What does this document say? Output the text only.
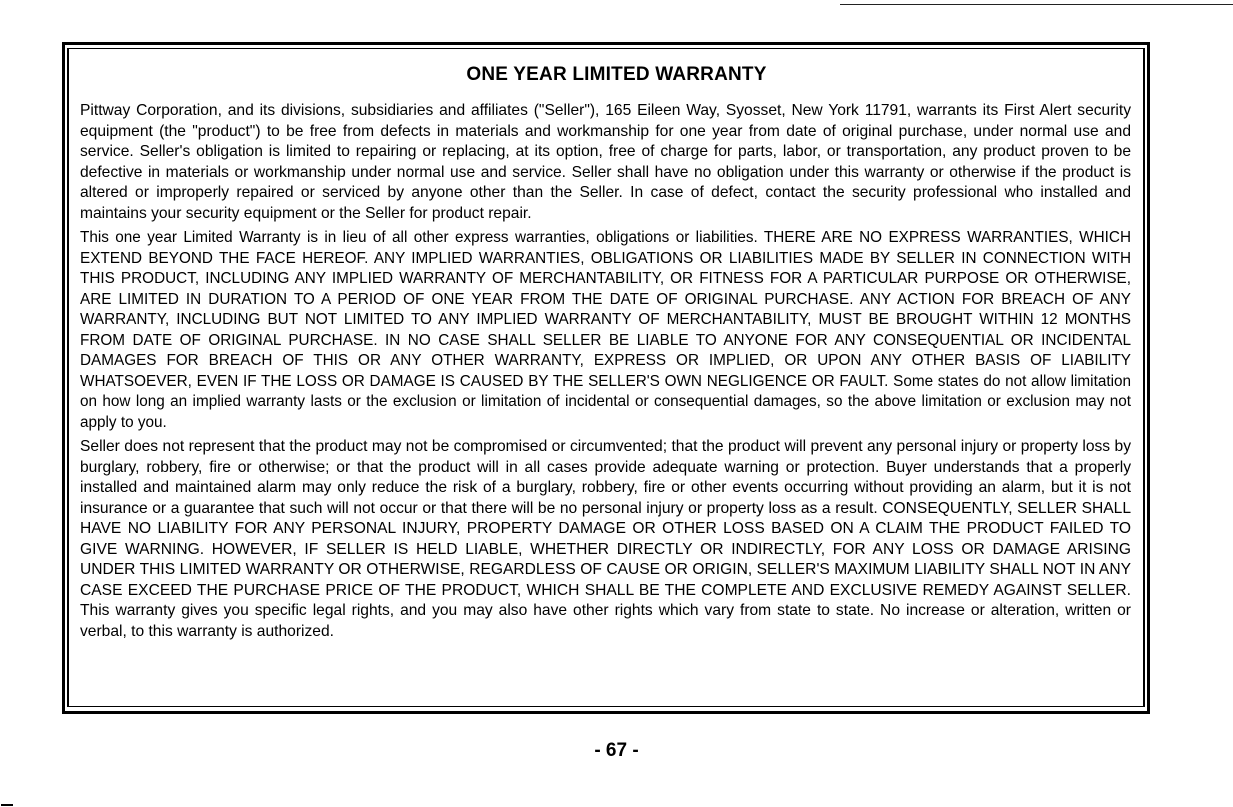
ONE YEAR LIMITED WARRANTY

Pittway Corporation, and its divisions, subsidiaries and affiliates ("Seller"), 165 Eileen Way, Syosset, New York 11791, warrants its First Alert security equipment (the "product") to be free from defects in materials and workmanship for one year from date of original purchase, under normal use and service. Seller's obligation is limited to repairing or replacing, at its option, free of charge for parts, labor, or transportation, any product proven to be defective in materials or workmanship under normal use and service. Seller shall have no obligation under this warranty or otherwise if the product is altered or improperly repaired or serviced by anyone other than the Seller. In case of defect, contact the security professional who installed and maintains your security equipment or the Seller for product repair.

This one year Limited Warranty is in lieu of all other express warranties, obligations or liabilities. THERE ARE NO EXPRESS WARRANTIES, WHICH EXTEND BEYOND THE FACE HEREOF. ANY IMPLIED WARRANTIES, OBLIGATIONS OR LIABILITIES MADE BY SELLER IN CONNECTION WITH THIS PRODUCT, INCLUDING ANY IMPLIED WARRANTY OF MERCHANTABILITY, OR FITNESS FOR A PARTICULAR PURPOSE OR OTHERWISE, ARE LIMITED IN DURATION TO A PERIOD OF ONE YEAR FROM THE DATE OF ORIGINAL PURCHASE. ANY ACTION FOR BREACH OF ANY WARRANTY, INCLUDING BUT NOT LIMITED TO ANY IMPLIED WARRANTY OF MERCHANTABILITY, MUST BE BROUGHT WITHIN 12 MONTHS FROM DATE OF ORIGINAL PURCHASE. IN NO CASE SHALL SELLER BE LIABLE TO ANYONE FOR ANY CONSEQUENTIAL OR INCIDENTAL DAMAGES FOR BREACH OF THIS OR ANY OTHER WARRANTY, EXPRESS OR IMPLIED, OR UPON ANY OTHER BASIS OF LIABILITY WHATSOEVER, EVEN IF THE LOSS OR DAMAGE IS CAUSED BY THE SELLER'S OWN NEGLIGENCE OR FAULT. Some states do not allow limitation on how long an implied warranty lasts or the exclusion or limitation of incidental or consequential damages, so the above limitation or exclusion may not apply to you.

Seller does not represent that the product may not be compromised or circumvented; that the product will prevent any personal injury or property loss by burglary, robbery, fire or otherwise; or that the product will in all cases provide adequate warning or protection. Buyer understands that a properly installed and maintained alarm may only reduce the risk of a burglary, robbery, fire or other events occurring without providing an alarm, but it is not insurance or a guarantee that such will not occur or that there will be no personal injury or property loss as a result. CONSEQUENTLY, SELLER SHALL HAVE NO LIABILITY FOR ANY PERSONAL INJURY, PROPERTY DAMAGE OR OTHER LOSS BASED ON A CLAIM THE PRODUCT FAILED TO GIVE WARNING. HOWEVER, IF SELLER IS HELD LIABLE, WHETHER DIRECTLY OR INDIRECTLY, FOR ANY LOSS OR DAMAGE ARISING UNDER THIS LIMITED WARRANTY OR OTHERWISE, REGARDLESS OF CAUSE OR ORIGIN, SELLER'S MAXIMUM LIABILITY SHALL NOT IN ANY CASE EXCEED THE PURCHASE PRICE OF THE PRODUCT, WHICH SHALL BE THE COMPLETE AND EXCLUSIVE REMEDY AGAINST SELLER. This warranty gives you specific legal rights, and you may also have other rights which vary from state to state. No increase or alteration, written or verbal, to this warranty is authorized.

- 67 -
